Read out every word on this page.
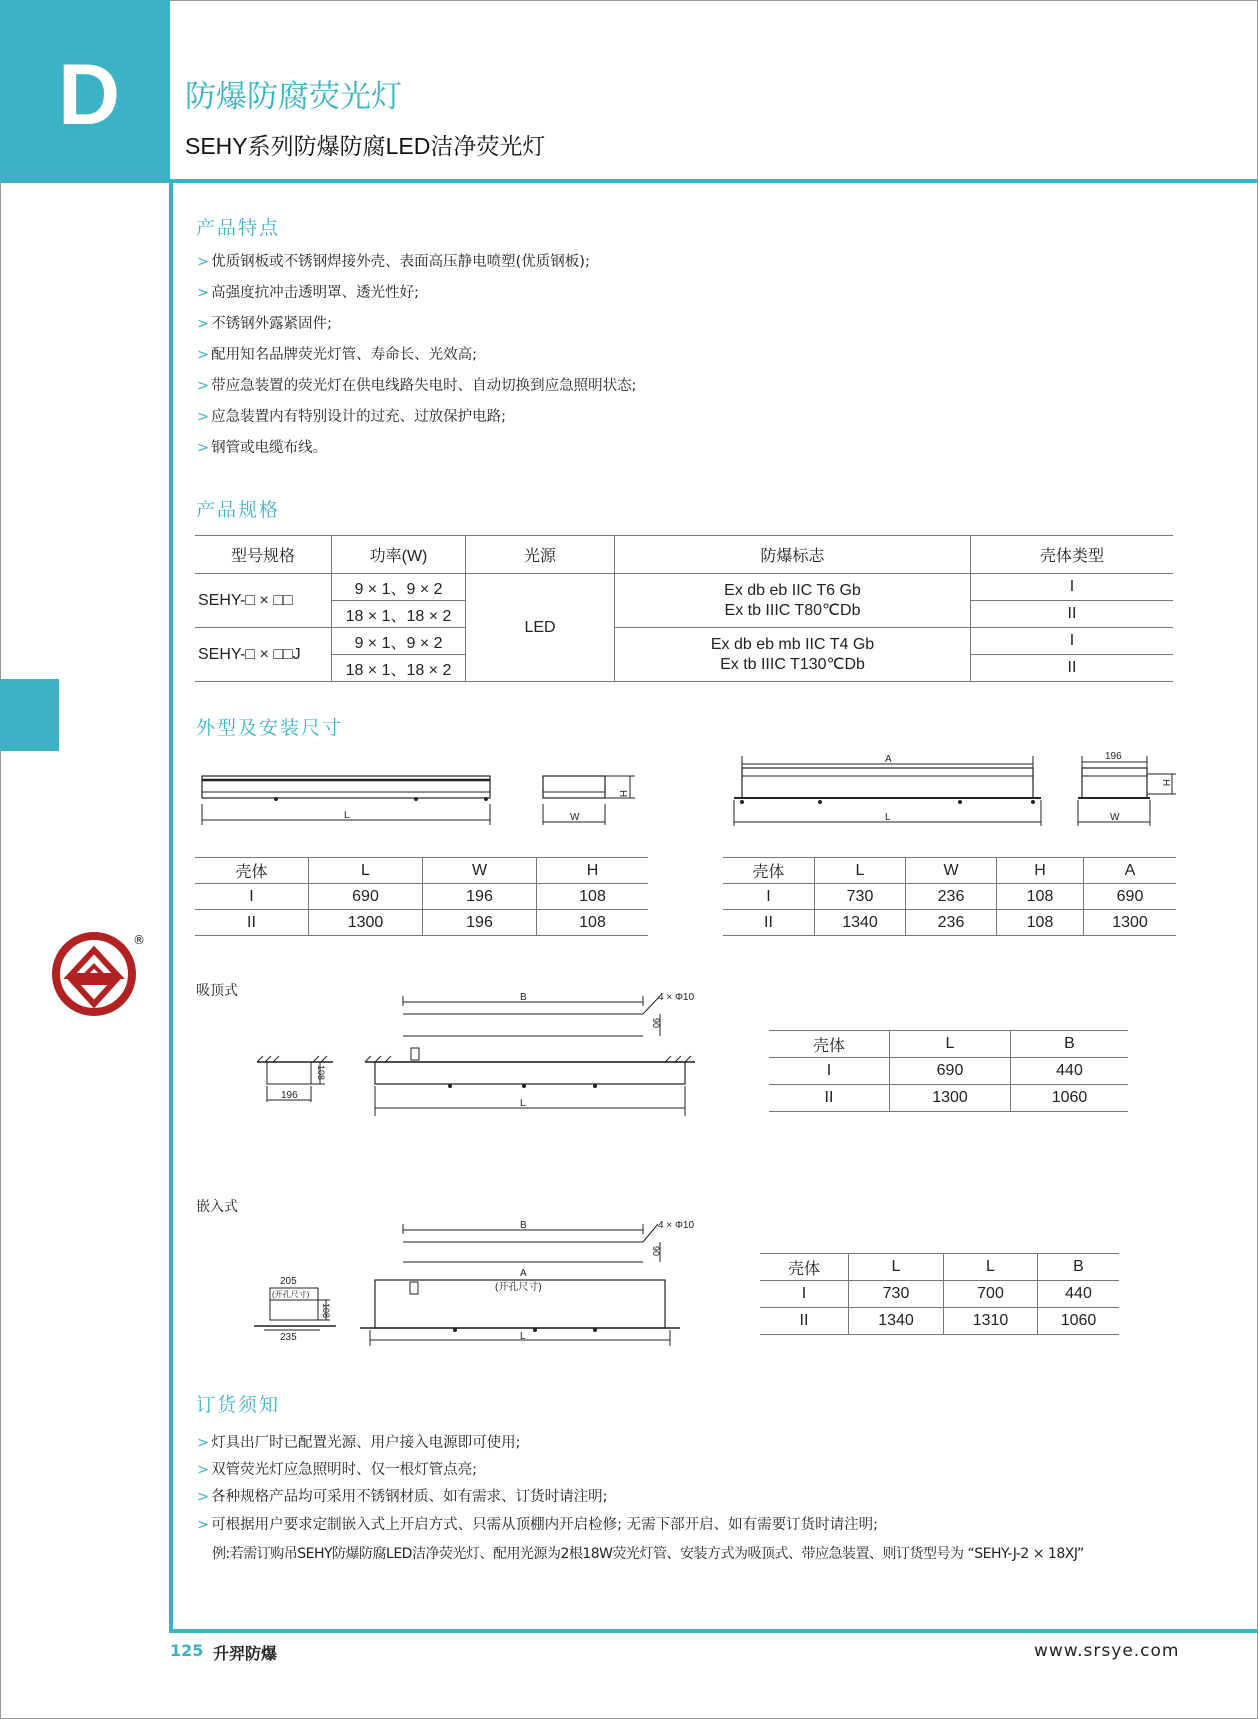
D 防爆防腐荧光灯
SEHY系列防爆防腐LED洁净荧光灯
®
产品特点
> 优质钢板或不锈钢焊接外壳、表面高压静电喷塑(优质钢板);
> 高强度抗冲击透明罩、透光性好;
> 不锈钢外露紧固件;
> 配用知名品牌荧光灯管、寿命长、光效高;
> 带应急装置的荧光灯在供电线路失电时、自动切换到应急照明状态;
> 应急装置内有特别设计的过充、过放保护电路;
> 钢管或电缆布线。
产品规格
型号规格	功率(W)	光源	防爆标志	壳体类型
SEHY-□ × □□	9 × 1、9 × 2	LED	Ex db eb IIC T6 Gb
Ex tb IIIC T80℃Db	I
	18 × 1、18 × 2			II
SEHY-□ × □□J	9 × 1、9 × 2		Ex db eb mb IIC T4 Gb
Ex tb IIIC T130℃Db	I
	18 × 1、18 × 2			II
外型及安装尺寸
L
H
W
A
L
196
H
W
壳体	L	W	H
I	690	196	108
II	1300	196	108
壳体	L	W	H	A
I	730	236	108	690
II	1340	236	108	1300
吸顶式
108
196
B	4 × Φ10
90
L
壳体	L	B
I	690	440
II	1300	1060
嵌入式
205
(开孔尺寸)
108
235
B	4 × Φ10
90
A
(开孔尺寸)
L
壳体	L	L	B
I	730	700	440
II	1340	1310	1060
订货须知
> 灯具出厂时已配置光源、用户接入电源即可使用;
> 双管荧光灯应急照明时、仅一根灯管点亮;
> 各种规格产品均可采用不锈钢材质、如有需求、订货时请注明;
> 可根据用户要求定制嵌入式上开启方式、只需从顶棚内开启检修; 无需下部开启、如有需要订货时请注明;
例:若需订购吊SEHY防爆防腐LED洁净荧光灯、配用光源为2根18W荧光灯管、安装方式为吸顶式、带应急装置、则订货型号为 “SEHY-J-2 × 18XJ”
125 升羿防爆	www.srsye.com
